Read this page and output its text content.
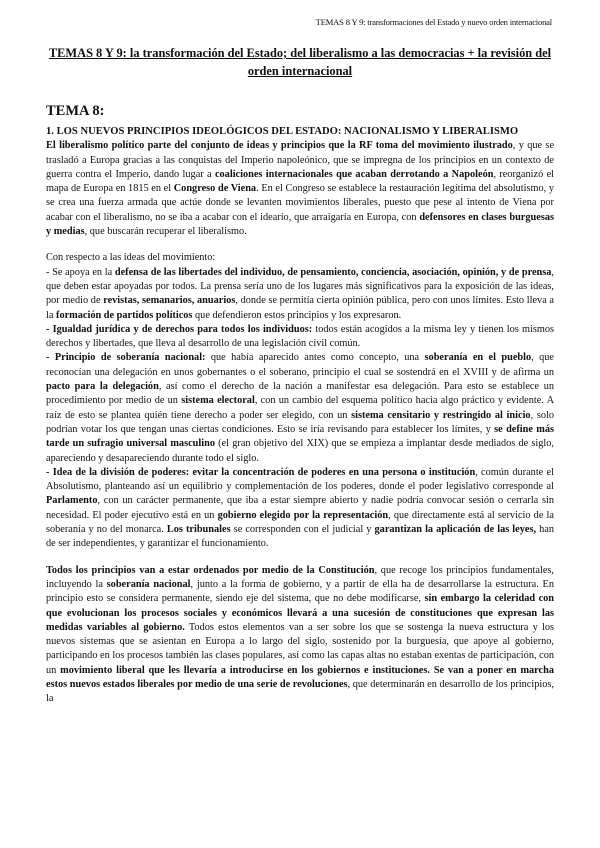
TEMAS 8 Y 9: transformaciones del Estado y nuevo orden internacional
TEMAS 8 Y 9: la transformación del Estado; del liberalismo a las democracias + la revisión del orden internacional
TEMA 8:

1. LOS NUEVOS PRINCIPIOS IDEOLÓGICOS DEL ESTADO: NACIONALISMO Y LIBERALISMO

El liberalismo político parte del conjunto de ideas y principios que la RF toma del movimiento ilustrado, y que se trasladó a Europa gracias a las conquistas del Imperio napoleónico, que se impregna de los principios en un contexto de guerra contra el Imperio, dando lugar a coaliciones internacionales que acaban derrotando a Napoleón, reorganizó el mapa de Europa en 1815 en el Congreso de Viena. En el Congreso se establece la restauración legítima del absolutismo, y se crea una fuerza armada que actúe donde se levanten movimientos liberales, puesto que pese al intento de Viena por acabar con el liberalismo, no se iba a acabar con el ideario, que arraigaría en Europa, con defensores en clases burguesas y medias, que buscarán recuperar el liberalismo.

Con respecto a las ideas del movimiento:

- Se apoya en la defensa de las libertades del individuo, de pensamiento, conciencia, asociación, opinión, y de prensa, que deben estar apoyadas por todos. La prensa sería uno de los lugares más significativos para la exposición de las ideas, por medio de revistas, semanarios, anuarios, donde se permitía cierta opinión pública, pero con unos límites. Esto lleva a la formación de partidos políticos que defendieron estos principios y los expresaron.

- Igualdad jurídica y de derechos para todos los individuos: todos están acogidos a la misma ley y tienen los mismos derechos y libertades, que lleva al desarrollo de una legislación civil común.

- Principio de soberanía nacional: que había aparecido antes como concepto, una soberanía en el pueblo, que reconocían una delegación en unos gobernantes o el soberano, principio el cual se sostendrá en el XVIII y de afirma un pacto para la delegación, así como el derecho de la nación a manifestar esa delegación. Para esto se establece un procedimiento por medio de un sistema electoral, con un cambio del esquema político hacia algo práctico y evidente. A raíz de esto se plantea quién tiene derecho a poder ser elegido, con un sistema censitario y restringido al inicio, solo podrían votar los que tengan unas ciertas condiciones. Esto se iría revisando para establecer los límites, y se define más tarde un sufragio universal masculino (el gran objetivo del XIX) que se empieza a implantar desde mediados de siglo, apareciendo y desapareciendo durante todo el siglo.

- Idea de la división de poderes: evitar la concentración de poderes en una persona o institución, común durante el Absolutismo, planteando así un equilibrio y complementación de los poderes, donde el poder legislativo corresponde al Parlamento, con un carácter permanente, que iba a estar siempre abierto y nadie podría convocar sesión o cerrarla sin necesidad. El poder ejecutivo está en un gobierno elegido por la representación, que directamente está al servicio de la soberanía y no del monarca. Los tribunales se corresponden con el judicial y garantizan la aplicación de las leyes, han de ser independientes, y garantizar el funcionamiento.

Todos los principios van a estar ordenados por medio de la Constitución, que recoge los principios fundamentales, incluyendo la soberanía nacional, junto a la forma de gobierno, y a partir de ella ha de desarrollarse la estructura. En principio esto se considera permanente, siendo eje del sistema, que no debe modificarse, sin embargo la celeridad con que evolucionan los procesos sociales y económicos llevará a una sucesión de constituciones que expresan las medidas variables al gobierno. Todos estos elementos van a ser sobre los que se sostenga la nueva estructura y los nuevos sistemas que se asientan en Europa a lo largo del siglo, sostenido por la burguesía, que apoye al gobierno, participando en los procesos también las clases populares, así como las capas altas no estaban exentas de participación, con un movimiento liberal que les llevaría a introducirse en los gobiernos e instituciones. Se van a poner en marcha estos nuevos estados liberales por medio de una serie de revoluciones, que determinarán en desarrollo de los principios, la
